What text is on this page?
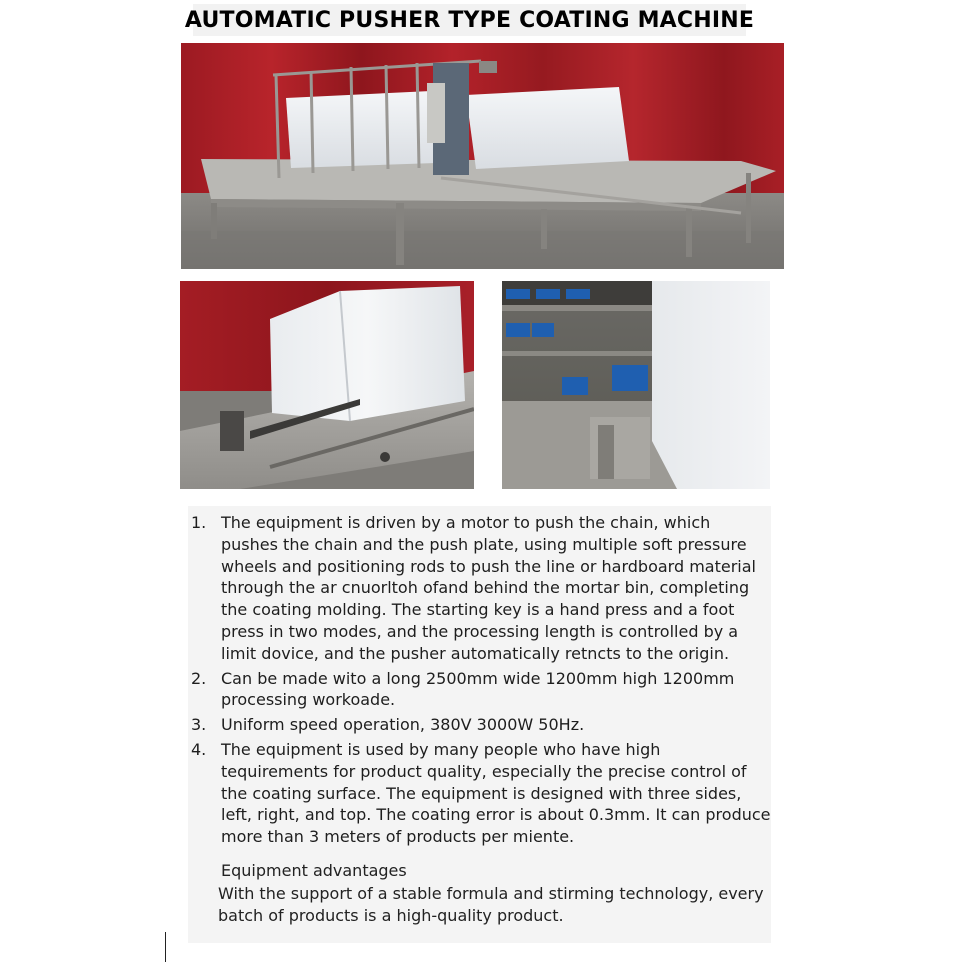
AUTOMATIC PUSHER TYPE COATING MACHINE
1. The equipment is driven by a motor to push the chain, which pushes the chain and the push plate, using multiple soft pressure wheels and positioning rods to push the line or hardboard material through the ar cnuorltoh ofand behind the mortar bin, completing the coating molding. The starting key is a hand press and a foot press in two modes, and the processing length is controlled by a limit dovice, and the pusher automatically retncts to the origin.
2. Can be made wito a long 2500mm wide 1200mm high 1200mm processing workoade.
3. Uniform speed operation, 380V 3000W 50Hz.
4. The equipment is used by many people who have high tequirements for product quality, especially the precise control of the coating surface. The equipment is designed with three sides, left, right, and top. The coating error is about 0.3mm. It can produce more than 3 meters of products per miente.
Equipment advantages
With the support of a stable formula and stirming technology, every batch of products is a high-quality product.
